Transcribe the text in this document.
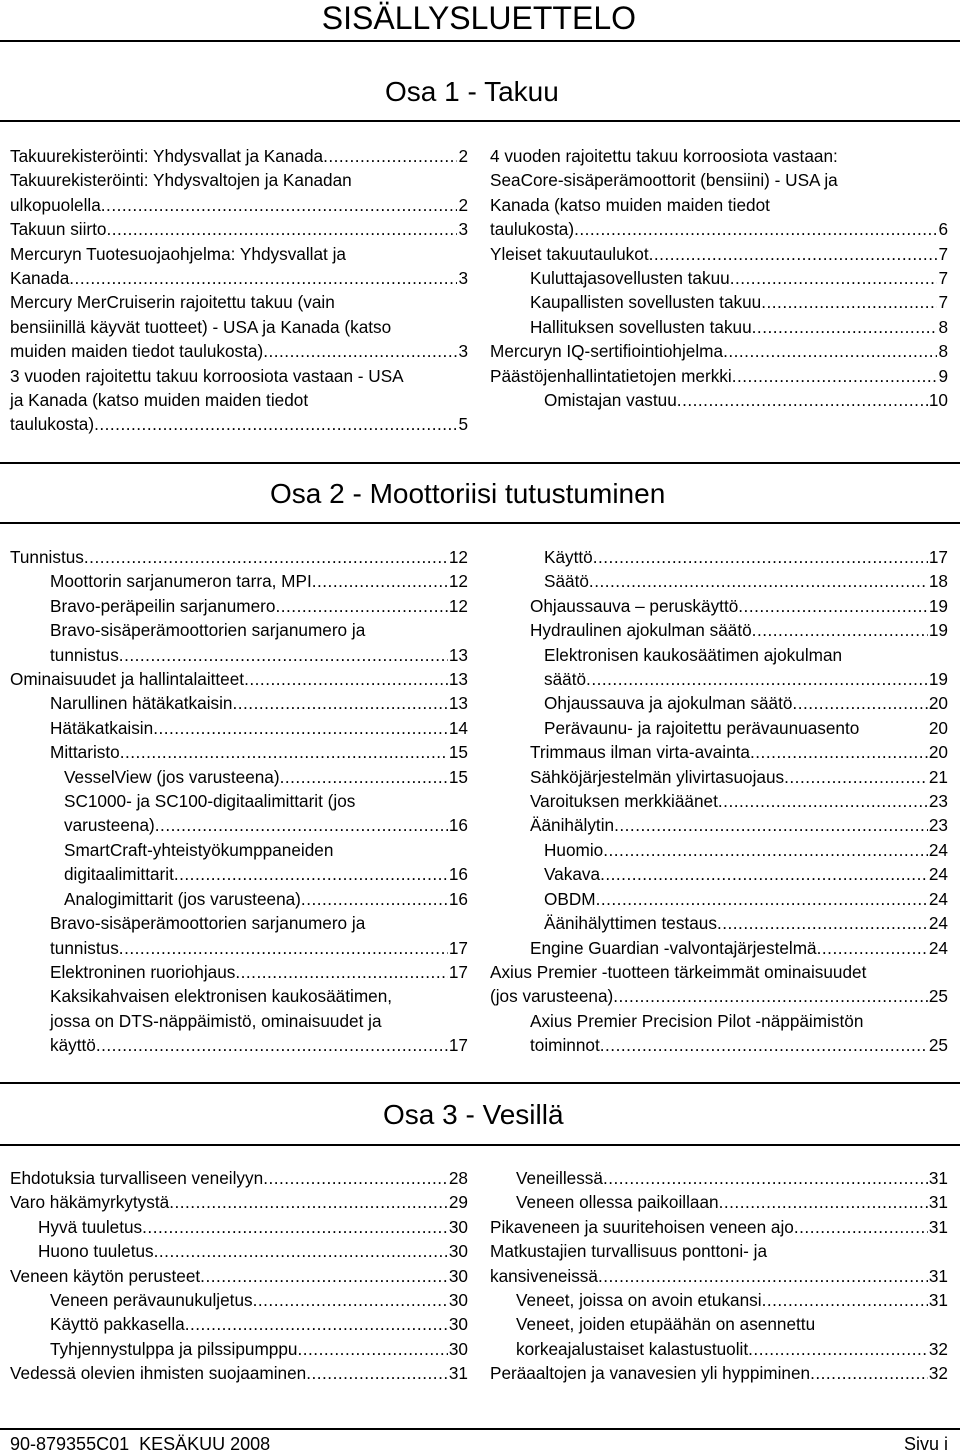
SISÄLLYSLUETTELO
Osa 1 - Takuu
Takuurekisteröinti: Yhdysvallat ja Kanada .....	2
Takuurekisteröinti: Yhdysvaltojen ja Kanadan
ulkopuolella .....	2
Takuun siirto .....	3
Mercuryn Tuotesuojaohjelma: Yhdysvallat ja
Kanada .....	3
Mercury MerCruiserin rajoitettu takuu (vain
bensiinillä käyvät tuotteet) - USA ja Kanada (katso
muiden maiden tiedot taulukosta) .....	3
3 vuoden rajoitettu takuu korroosiota vastaan - USA
ja Kanada (katso muiden maiden tiedot
taulukosta) .....	5
4 vuoden rajoitettu takuu korroosiota vastaan:
SeaCore-sisäperämoottorit (bensiini) - USA ja
Kanada (katso muiden maiden tiedot
taulukosta) .....	6
Yleiset takuutaulukot .....	7
Kuluttajasovellusten takuu .....	7
Kaupallisten sovellusten takuu .....	7
Hallituksen sovellusten takuu .....	8
Mercuryn IQ-sertifiointiohjelma .....	8
Päästöjenhallintatietojen merkki .....	9
Omistajan vastuu .....	10
Osa 2 - Moottoriisi tutustuminen
Tunnistus .....	12
Moottorin sarjanumeron tarra, MPI .....	12
Bravo-peräpeilin sarjanumero .....	12
Bravo-sisäperämoottorien sarjanumero ja
tunnistus .....	13
Ominaisuudet ja hallintalaitteet .....	13
Narullinen hätäkatkaisin .....	13
Hätäkatkaisin .....	14
Mittaristo .....	15
VesselView (jos varusteena) .....	15
SC1000- ja SC100-digitaalimittarit (jos
varusteena) .....	16
SmartCraft-yhteistyökumppaneiden
digitaalimittarit .....	16
Analogimittarit (jos varusteena) .....	16
Bravo-sisäperämoottorien sarjanumero ja
tunnistus .....	17
Elektroninen ruoriohjaus .....	17
Kaksikahvaisen elektronisen kaukosäätimen,
jossa on DTS-näppäimistö, ominaisuudet ja
käyttö .....	17
Käyttö .....	17
Säätö .....	18
Ohjaussauva – peruskäyttö .....	19
Hydraulinen ajokulman säätö .....	19
Elektronisen kaukosäätimen ajokulman
säätö .....	19
Ohjaussauva ja ajokulman säätö .....	20
Perävaunu- ja rajoitettu perävaunuasento	20
Trimmaus ilman virta-avainta .....	20
Sähköjärjestelmän ylivirtasuojaus .....	21
Varoituksen merkkiäänet .....	23
Äänihälytin .....	23
Huomio .....	24
Vakava .....	24
OBDM .....	24
Äänihälyttimen testaus .....	24
Engine Guardian -valvontajärjestelmä .....	24
Axius Premier -tuotteen tärkeimmät ominaisuudet
(jos varusteena) .....	25
Axius Premier Precision Pilot -näppäimistön
toiminnot .....	25
Osa 3 - Vesillä
Ehdotuksia turvalliseen veneilyyn .....	28
Varo häkämyrkytystä .....	29
Hyvä tuuletus .....	30
Huono tuuletus .....	30
Veneen käytön perusteet .....	30
Veneen perävaunukuljetus .....	30
Käyttö pakkasella .....	30
Tyhjennystulppa ja pilssipumppu .....	30
Vedessä olevien ihmisten suojaaminen .....	31
Veneillessä .....	31
Veneen ollessa paikoillaan .....	31
Pikaveneen ja suuritehoisen veneen ajo .....	31
Matkustajien turvallisuus ponttoni- ja
kansiveneissä .....	31
Veneet, joissa on avoin etukansi .....	31
Veneet, joiden etupäähän on asennettu
korkeajalustaiset kalastustuolit .....	32
Peräaaltojen ja vanavesien yli hyppiminen .....	32
90-879355C01 KESÄKUU 2008	Sivu i
